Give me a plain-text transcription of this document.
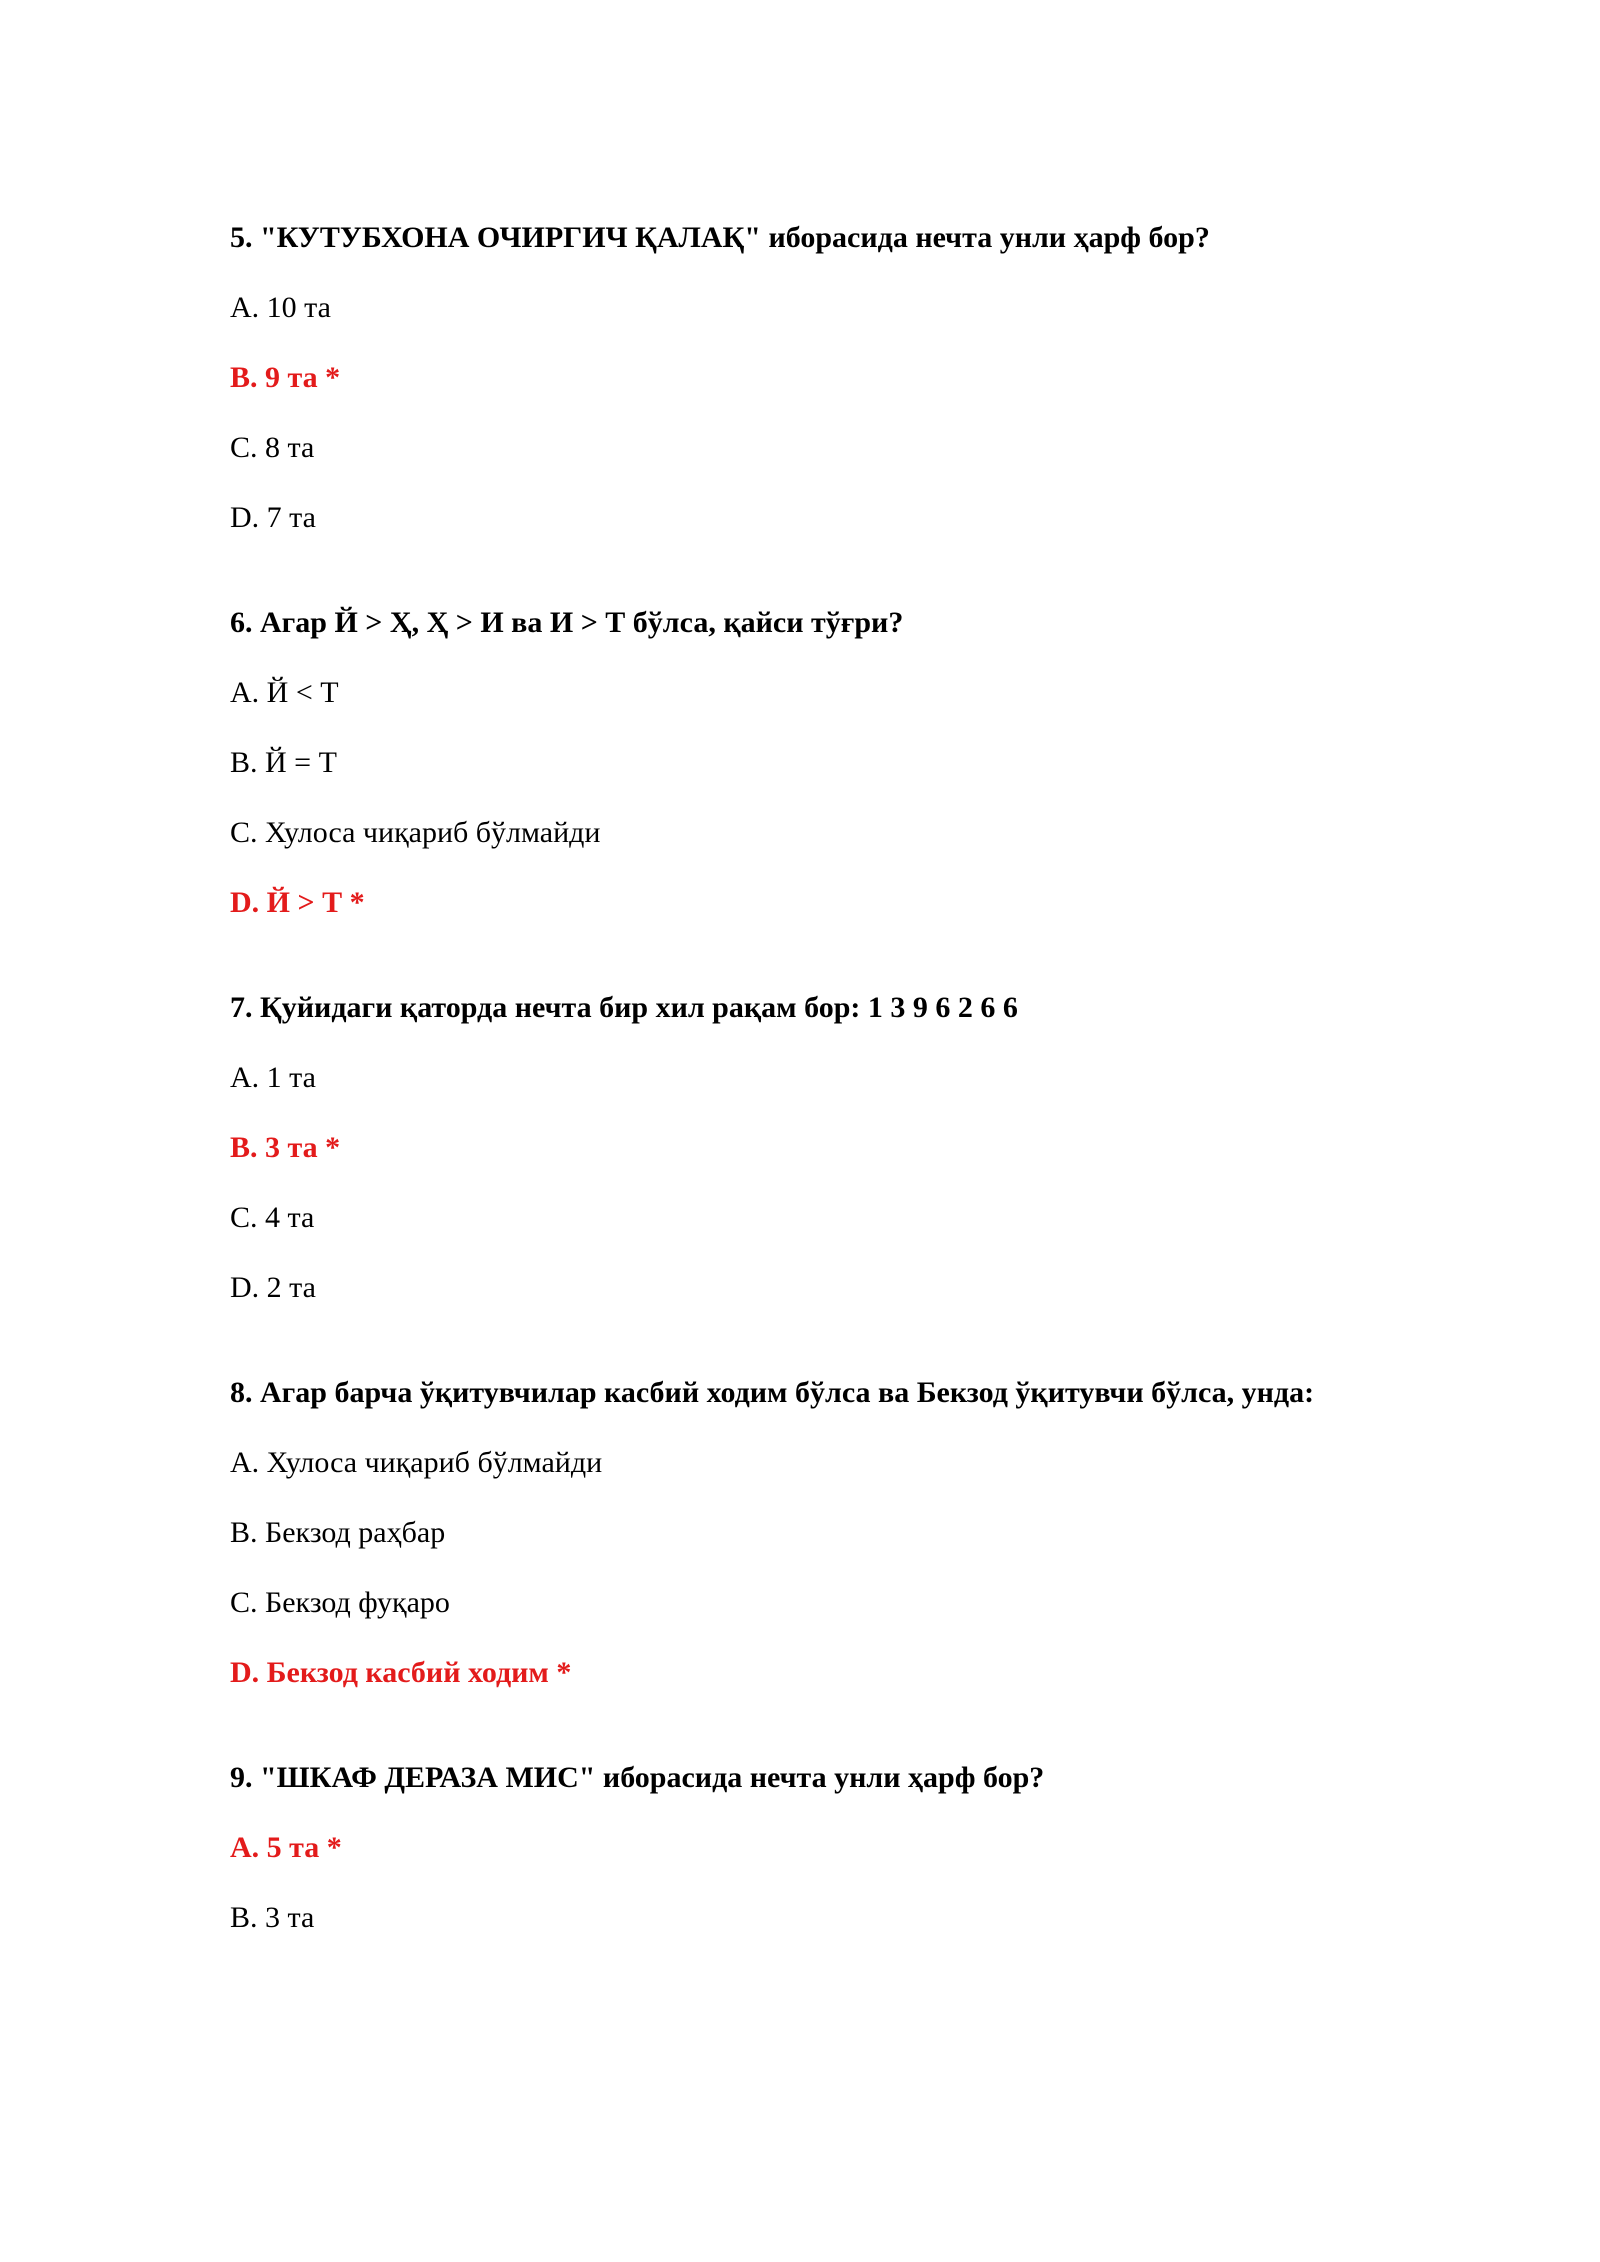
5. "КУТУБХОНА ОЧИРГИЧ ҚАЛАҚ" иборасида нечта унли ҳарф бор?

A. 10 та

B. 9 та *

C. 8 та

D. 7 та

6. Агар Й > Ҳ, Ҳ > И ва И > Т бўлса, қайси тўғри?

A. Й < Т

B. Й = Т

C. Хулоса чиқариб бўлмайди

D. Й > Т *

7. Қуйидаги қаторда нечта бир хил рақам бор: 1 3 9 6 2 6 6

A. 1 та

B. 3 та *

C. 4 та

D. 2 та

8. Агар барча ўқитувчилар касбий ходим бўлса ва Бекзод ўқитувчи бўлса, унда:

A. Хулоса чиқариб бўлмайди

B. Бекзод раҳбар

C. Бекзод фуқаро

D. Бекзод касбий ходим *

9. "ШКАФ ДЕРАЗА МИС" иборасида нечта унли ҳарф бор?

A. 5 та *

B. 3 та
